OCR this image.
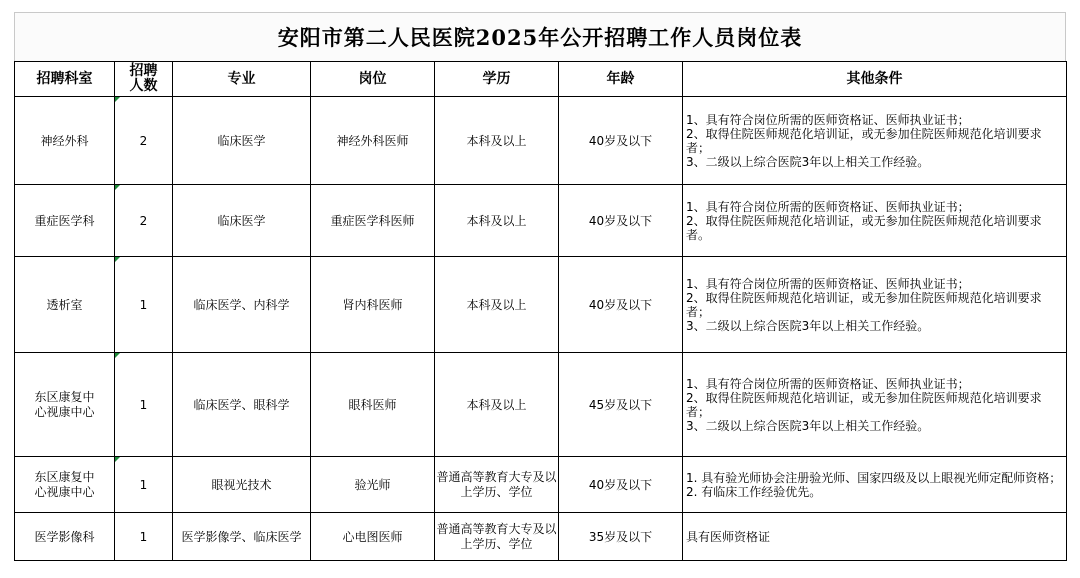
安阳市第二人民医院2025年公开招聘工作人员岗位表
招聘科室	招聘人数	专业	岗位	学历	年龄	其他条件
神经外科	2	临床医学	神经外科医师	本科及以上	40岁及以下	1、具有符合岗位所需的医师资格证、医师执业证书；
2、取得住院医师规范化培训证，或无参加住院医师规范化培训要求者；
3、二级以上综合医院3年以上相关工作经验。

重症医学科	2	临床医学	重症医学科医师	本科及以上	40岁及以下	1、具有符合岗位所需的医师资格证、医师执业证书；
2、取得住院医师规范化培训证，或无参加住院医师规范化培训要求者。

透析室	1	临床医学、内科学	肾内科医师	本科及以上	40岁及以下	1、具有符合岗位所需的医师资格证、医师执业证书；
2、取得住院医师规范化培训证，或无参加住院医师规范化培训要求者；
3、二级以上综合医院3年以上相关工作经验。

东区康复中心视康中心	1	临床医学、眼科学	眼科医师	本科及以上	45岁及以下	1、具有符合岗位所需的医师资格证、医师执业证书；
2、取得住院医师规范化培训证，或无参加住院医师规范化培训要求者；
3、二级以上综合医院3年以上相关工作经验。

东区康复中心视康中心	1	眼视光技术	验光师	普通高等教育大专及以上学历、学位	40岁及以下	1. 具有验光师协会注册验光师、国家四级及以上眼视光师定配师资格；
2. 有临床工作经验优先。

医学影像科	1	医学影像学、临床医学	心电图医师	普通高等教育大专及以上学历、学位	35岁及以下	具有医师资格证
